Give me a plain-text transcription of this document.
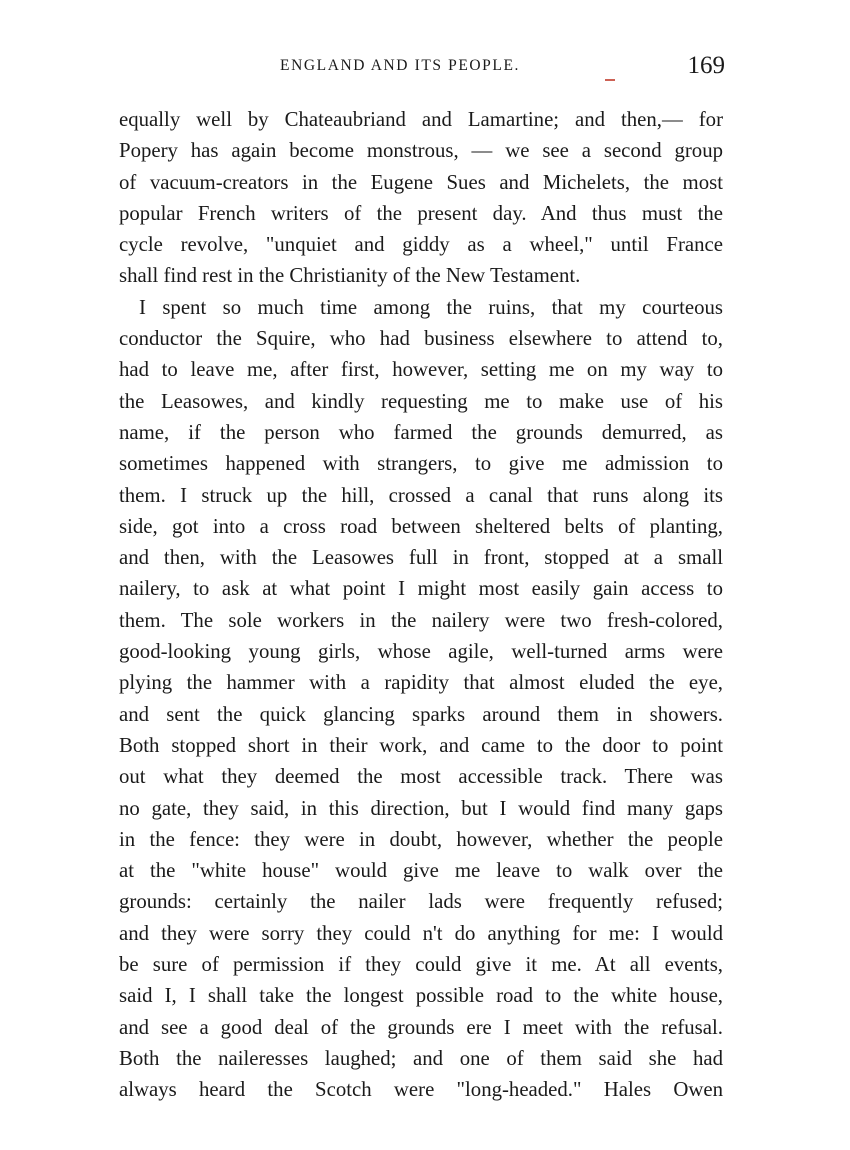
ENGLAND AND ITS PEOPLE.	169
equally well by Chateaubriand and Lamartine; and then,— for
Popery has again become monstrous, — we see a second group
of vacuum-creators in the Eugene Sues and Michelets, the most
popular French writers of the present day. And thus must the
cycle revolve, "unquiet and giddy as a wheel," until France
shall find rest in the Christianity of the New Testament.
I spent so much time among the ruins, that my courteous
conductor the Squire, who had business elsewhere to attend to,
had to leave me, after first, however, setting me on my way to
the Leasowes, and kindly requesting me to make use of his
name, if the person who farmed the grounds demurred, as
sometimes happened with strangers, to give me admission to
them. I struck up the hill, crossed a canal that runs along its
side, got into a cross road between sheltered belts of planting,
and then, with the Leasowes full in front, stopped at a small
nailery, to ask at what point I might most easily gain access to
them. The sole workers in the nailery were two fresh-colored,
good-looking young girls, whose agile, well-turned arms were
plying the hammer with a rapidity that almost eluded the eye,
and sent the quick glancing sparks around them in showers.
Both stopped short in their work, and came to the door to point
out what they deemed the most accessible track. There was
no gate, they said, in this direction, but I would find many gaps
in the fence: they were in doubt, however, whether the people
at the "white house" would give me leave to walk over the
grounds: certainly the nailer lads were frequently refused;
and they were sorry they could n't do anything for me: I would
be sure of permission if they could give it me. At all events,
said I, I shall take the longest possible road to the white house,
and see a good deal of the grounds ere I meet with the refusal.
Both the naileresses laughed; and one of them said she had
always heard the Scotch were "long-headed." Hales Owen
